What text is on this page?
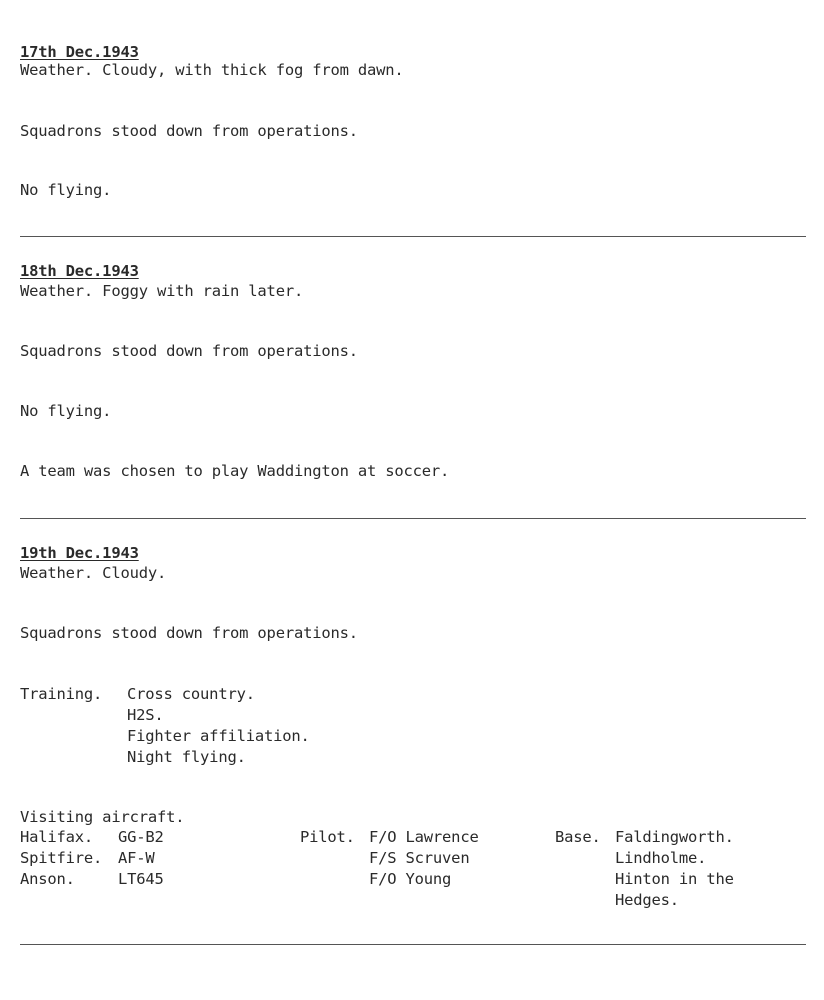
17th Dec.1943
Weather. Cloudy, with thick fog from dawn.
Squadrons stood down from operations.
No flying.
18th Dec.1943
Weather. Foggy with rain later.
Squadrons stood down from operations.
No flying.
A team was chosen to play Waddington at soccer.
19th Dec.1943
Weather. Cloudy.
Squadrons stood down from operations.
Training. Cross country.
H2S.
Fighter affiliation.
Night flying.
Visiting aircraft.
Halifax. GG-B2	Pilot. F/O Lawrence	Base. Faldingworth.
Spitfire. AF-W	F/S Scruven	Lindholme.
Anson.	LT645	F/O Young	Hinton in the
Hedges.
